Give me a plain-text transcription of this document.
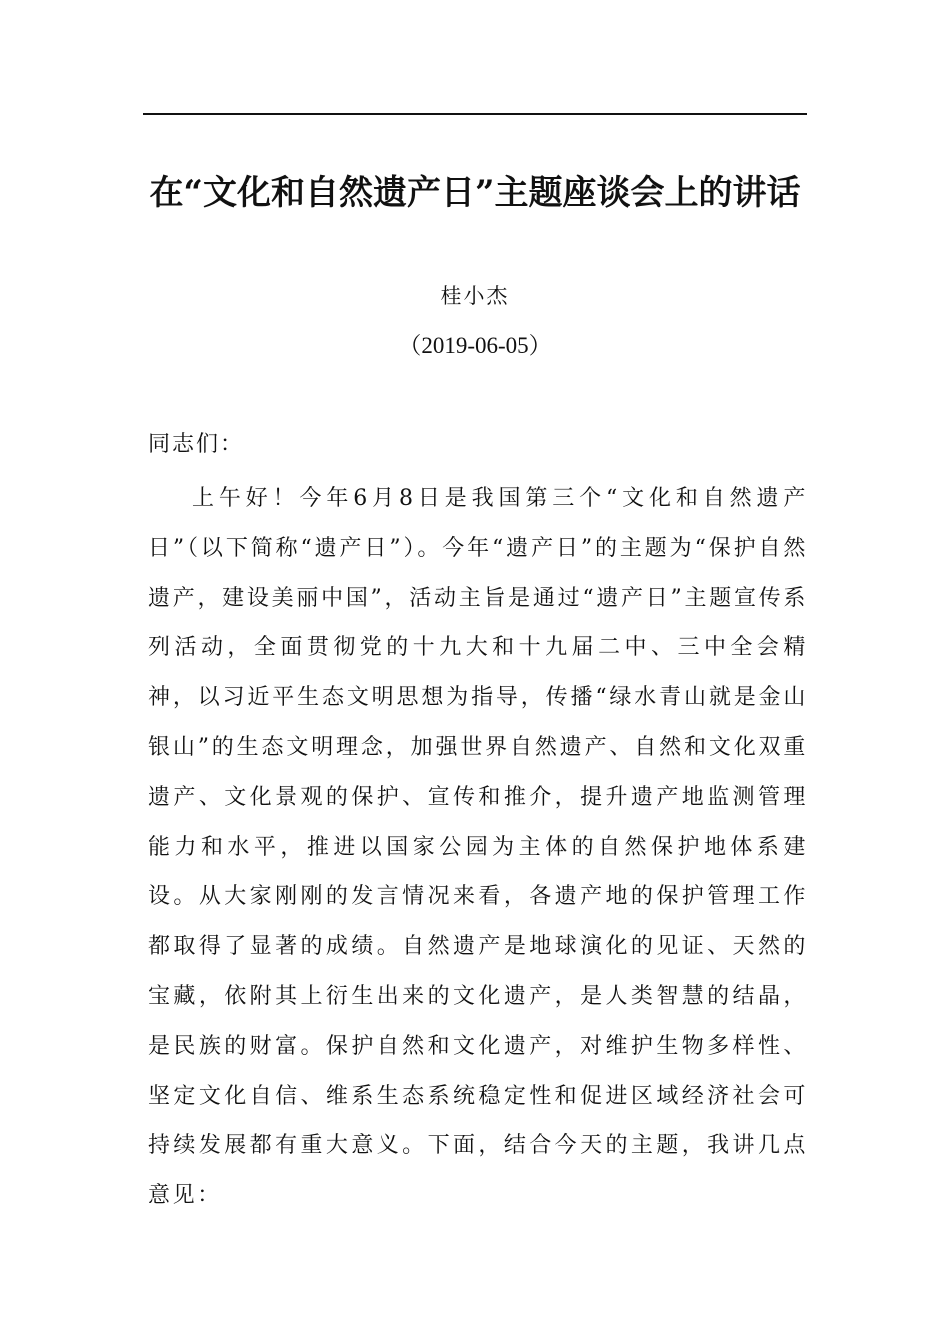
在“文化和自然遗产日”主题座谈会上的讲话

桂小杰

（2019-06-05）

同志们：

上午好！今年6月8日是我国第三个“文化和自然遗产日”（以下简称“遗产日”）。今年“遗产日”的主题为“保护自然遗产，建设美丽中国”，活动主旨是通过“遗产日”主题宣传系列活动，全面贯彻党的十九大和十九届二中、三中全会精神，以习近平生态文明思想为指导，传播“绿水青山就是金山银山”的生态文明理念，加强世界自然遗产、自然和文化双重遗产、文化景观的保护、宣传和推介，提升遗产地监测管理能力和水平，推进以国家公园为主体的自然保护地体系建设。从大家刚刚的发言情况来看，各遗产地的保护管理工作都取得了显著的成绩。自然遗产是地球演化的见证、天然的宝藏，依附其上衍生出来的文化遗产，是人类智慧的结晶，是民族的财富。保护自然和文化遗产，对维护生物多样性、坚定文化自信、维系生态系统稳定性和促进区域经济社会可持续发展都有重大意义。下面，结合今天的主题，我讲几点意见：
